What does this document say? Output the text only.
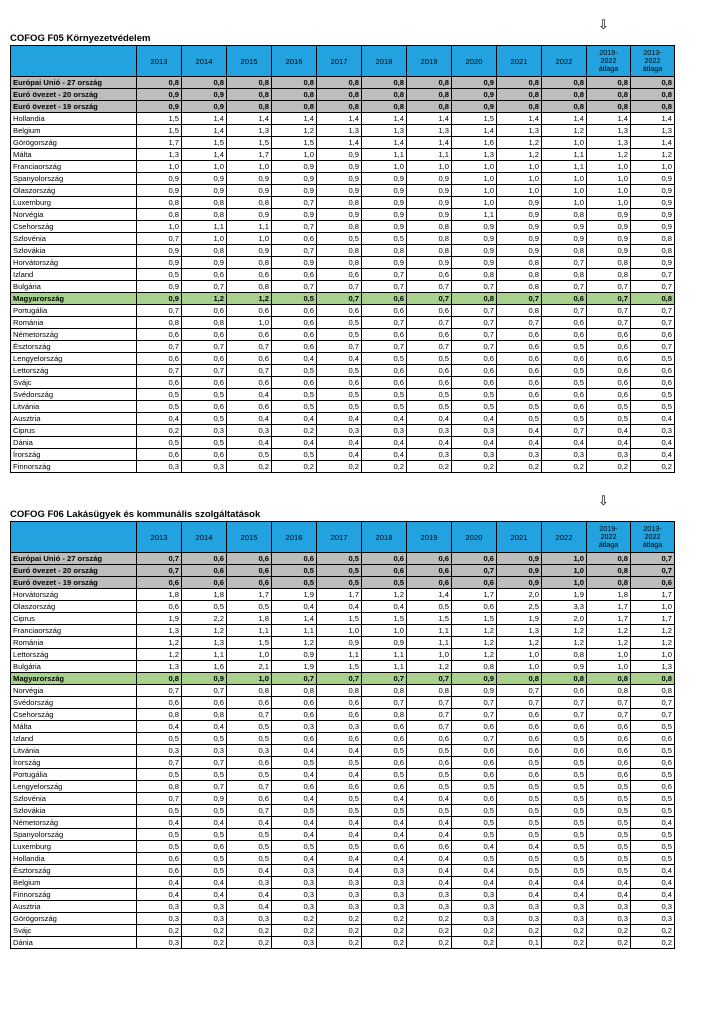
⇩
COFOG F05 Környezetvédelem
	2013	2014	2015	2016	2017	2018	2019	2020	2021	2022	2019-
2022
átlaga	2013-
2022
átlaga
Európai Unió - 27 ország	0,8	0,8	0,8	0,8	0,8	0,8	0,8	0,9	0,8	0,8	0,8	0,8
Euró övezet - 20 ország	0,9	0,9	0,8	0,8	0,8	0,8	0,8	0,9	0,8	0,8	0,8	0,8
Euró övezet - 19 ország	0,9	0,9	0,8	0,8	0,8	0,8	0,8	0,9	0,8	0,8	0,8	0,8
Hollandia	1,5	1,4	1,4	1,4	1,4	1,4	1,4	1,5	1,4	1,4	1,4	1,4
Belgium	1,5	1,4	1,3	1,2	1,3	1,3	1,3	1,4	1,3	1,2	1,3	1,3
Görögország	1,7	1,5	1,5	1,5	1,4	1,4	1,4	1,6	1,2	1,0	1,3	1,4
Málta	1,3	1,4	1,7	1,0	0,9	1,1	1,1	1,3	1,2	1,1	1,2	1,2
Franciaország	1,0	1,0	1,0	0,9	0,9	1,0	1,0	1,0	1,0	1,1	1,0	1,0
Spanyolország	0,9	0,9	0,9	0,9	0,9	0,9	0,9	1,0	1,0	1,0	1,0	0,9
Olaszország	0,9	0,9	0,9	0,9	0,9	0,9	0,9	1,0	1,0	1,0	1,0	0,9
Luxemburg	0,8	0,8	0,8	0,7	0,8	0,9	0,9	1,0	0,9	1,0	1,0	0,9
Norvégia	0,8	0,8	0,9	0,9	0,9	0,9	0,9	1,1	0,9	0,8	0,9	0,9
Csehország	1,0	1,1	1,1	0,7	0,8	0,9	0,8	0,9	0,9	0,9	0,9	0,9
Szlovénia	0,7	1,0	1,0	0,6	0,5	0,5	0,8	0,9	0,9	0,9	0,9	0,8
Szlovákia	0,9	0,8	0,9	0,7	0,8	0,8	0,8	0,9	0,9	0,8	0,9	0,8
Horvátország	0,9	0,9	0,8	0,9	0,8	0,9	0,9	0,9	0,8	0,7	0,8	0,9
Izland	0,5	0,6	0,6	0,6	0,6	0,7	0,6	0,8	0,8	0,8	0,8	0,7
Bulgária	0,9	0,7	0,8	0,7	0,7	0,7	0,7	0,7	0,8	0,7	0,7	0,7
Magyarország	0,9	1,2	1,2	0,5	0,7	0,6	0,7	0,8	0,7	0,6	0,7	0,8
Portugália	0,7	0,6	0,6	0,6	0,6	0,6	0,6	0,7	0,8	0,7	0,7	0,7
Románia	0,8	0,8	1,0	0,6	0,5	0,7	0,7	0,7	0,7	0,6	0,7	0,7
Németország	0,6	0,6	0,6	0,6	0,5	0,6	0,6	0,7	0,6	0,6	0,6	0,6
Észtország	0,7	0,7	0,7	0,6	0,7	0,7	0,7	0,7	0,6	0,5	0,6	0,7
Lengyelország	0,6	0,6	0,6	0,4	0,4	0,5	0,5	0,6	0,6	0,6	0,6	0,5
Lettország	0,7	0,7	0,7	0,5	0,5	0,6	0,6	0,6	0,6	0,5	0,6	0,6
Svájc	0,6	0,6	0,6	0,6	0,6	0,6	0,6	0,6	0,6	0,5	0,6	0,6
Svédország	0,5	0,5	0,4	0,5	0,5	0,5	0,5	0,5	0,6	0,6	0,6	0,5
Litvánia	0,5	0,6	0,6	0,5	0,5	0,5	0,5	0,5	0,5	0,6	0,5	0,5
Ausztria	0,4	0,5	0,4	0,4	0,4	0,4	0,4	0,4	0,5	0,5	0,5	0,4
Ciprus	0,2	0,3	0,3	0,2	0,3	0,3	0,3	0,3	0,4	0,7	0,4	0,3
Dánia	0,5	0,5	0,4	0,4	0,4	0,4	0,4	0,4	0,4	0,4	0,4	0,4
Írország	0,6	0,6	0,5	0,5	0,4	0,4	0,3	0,3	0,3	0,3	0,3	0,4
Finnország	0,3	0,3	0,2	0,2	0,2	0,2	0,2	0,2	0,2	0,2	0,2	0,2
⇩
COFOG F06 Lakásügyek és kommunális szolgáltatások
	2013	2014	2015	2016	2017	2018	2019	2020	2021	2022	2019-
2022
átlaga	2013-
2022
átlaga
Európai Unió - 27 ország	0,7	0,6	0,6	0,6	0,5	0,6	0,6	0,6	0,9	1,0	0,8	0,7
Euró övezet - 20 ország	0,7	0,6	0,6	0,5	0,5	0,6	0,6	0,7	0,9	1,0	0,8	0,7
Euró övezet - 19 ország	0,6	0,6	0,6	0,5	0,5	0,5	0,6	0,6	0,9	1,0	0,8	0,6
Horvátország	1,8	1,8	1,7	1,9	1,7	1,2	1,4	1,7	2,0	1,9	1,8	1,7
Olaszország	0,6	0,5	0,5	0,4	0,4	0,4	0,5	0,6	2,5	3,3	1,7	1,0
Ciprus	1,9	2,2	1,8	1,4	1,5	1,5	1,5	1,5	1,9	2,0	1,7	1,7
Franciaország	1,3	1,2	1,1	1,1	1,0	1,0	1,1	1,2	1,3	1,2	1,2	1,2
Románia	1,2	1,3	1,5	1,2	0,9	0,9	1,1	1,2	1,2	1,2	1,2	1,2
Lettország	1,2	1,1	1,0	0,9	1,1	1,1	1,0	1,2	1,0	0,8	1,0	1,0
Bulgária	1,3	1,6	2,1	1,9	1,5	1,1	1,2	0,8	1,0	0,9	1,0	1,3
Magyarország	0,8	0,9	1,0	0,7	0,7	0,7	0,7	0,9	0,8	0,8	0,8	0,8
Norvégia	0,7	0,7	0,8	0,8	0,8	0,8	0,8	0,9	0,7	0,6	0,8	0,8
Svédország	0,6	0,6	0,6	0,6	0,6	0,7	0,7	0,7	0,7	0,7	0,7	0,7
Csehország	0,8	0,8	0,7	0,6	0,6	0,8	0,7	0,7	0,6	0,7	0,7	0,7
Málta	0,4	0,4	0,5	0,3	0,3	0,6	0,7	0,6	0,6	0,6	0,6	0,5
Izland	0,5	0,5	0,5	0,6	0,6	0,6	0,6	0,7	0,6	0,5	0,6	0,6
Litvánia	0,3	0,3	0,3	0,4	0,4	0,5	0,5	0,6	0,6	0,6	0,6	0,5
Írország	0,7	0,7	0,6	0,5	0,5	0,6	0,6	0,6	0,5	0,5	0,6	0,6
Portugália	0,5	0,5	0,5	0,4	0,4	0,5	0,5	0,6	0,6	0,5	0,6	0,5
Lengyelország	0,8	0,7	0,7	0,6	0,6	0,6	0,5	0,5	0,5	0,5	0,5	0,6
Szlovénia	0,7	0,9	0,6	0,4	0,5	0,4	0,4	0,6	0,5	0,5	0,5	0,5
Szlovákia	0,5	0,5	0,7	0,5	0,5	0,5	0,5	0,5	0,5	0,5	0,5	0,5
Németország	0,4	0,4	0,4	0,4	0,4	0,4	0,4	0,5	0,5	0,5	0,5	0,4
Spanyolország	0,5	0,5	0,5	0,4	0,4	0,4	0,4	0,5	0,5	0,5	0,5	0,5
Luxemburg	0,5	0,6	0,5	0,5	0,5	0,6	0,6	0,4	0,4	0,5	0,5	0,5
Hollandia	0,6	0,5	0,5	0,4	0,4	0,4	0,4	0,5	0,5	0,5	0,5	0,5
Észtország	0,6	0,5	0,4	0,3	0,4	0,3	0,4	0,4	0,5	0,5	0,5	0,4
Belgium	0,4	0,4	0,3	0,3	0,3	0,3	0,4	0,4	0,4	0,4	0,4	0,4
Finnország	0,4	0,4	0,4	0,3	0,3	0,3	0,3	0,3	0,4	0,4	0,4	0,4
Ausztria	0,3	0,3	0,4	0,3	0,3	0,3	0,3	0,3	0,3	0,3	0,3	0,3
Görögország	0,3	0,3	0,3	0,2	0,2	0,2	0,2	0,3	0,3	0,3	0,3	0,3
Svájc	0,2	0,2	0,2	0,2	0,2	0,2	0,2	0,2	0,2	0,2	0,2	0,2
Dánia	0,3	0,2	0,2	0,3	0,2	0,2	0,2	0,2	0,1	0,2	0,2	0,2
